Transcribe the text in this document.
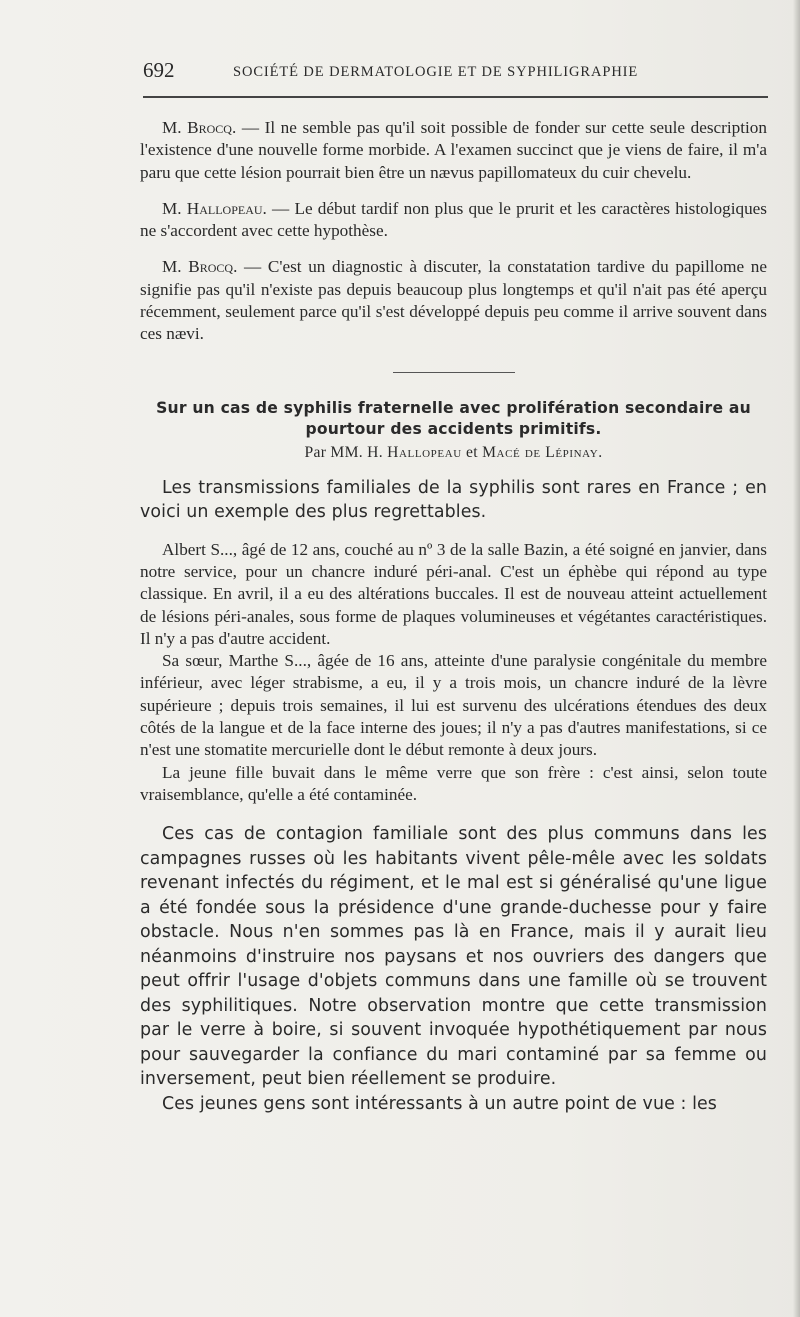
692	SOCIÉTÉ DE DERMATOLOGIE ET DE SYPHILIGRAPHIE

M. Brocq. — Il ne semble pas qu'il soit possible de fonder sur cette seule description l'existence d'une nouvelle forme morbide. A l'examen succinct que je viens de faire, il m'a paru que cette lésion pourrait bien être un nævus papillomateux du cuir chevelu.

M. Hallopeau. — Le début tardif non plus que le prurit et les caractères histologiques ne s'accordent avec cette hypothèse.

M. Brocq. — C'est un diagnostic à discuter, la constatation tardive du papillome ne signifie pas qu'il n'existe pas depuis beaucoup plus longtemps et qu'il n'ait pas été aperçu récemment, seulement parce qu'il s'est développé depuis peu comme il arrive souvent dans ces nævi.

Sur un cas de syphilis fraternelle avec prolifération secondaire au
pourtour des accidents primitifs.
Par MM. H. Hallopeau et Macé de Lépinay.

Les transmissions familiales de la syphilis sont rares en France ; en voici un exemple des plus regrettables.

Albert S..., âgé de 12 ans, couché au nº 3 de la salle Bazin, a été soigné en janvier, dans notre service, pour un chancre induré péri-anal. C'est un éphèbe qui répond au type classique. En avril, il a eu des altérations buccales. Il est de nouveau atteint actuellement de lésions péri-anales, sous forme de plaques volumineuses et végétantes caractéristiques. Il n'y a pas d'autre accident.

Sa sœur, Marthe S..., âgée de 16 ans, atteinte d'une paralysie congénitale du membre inférieur, avec léger strabisme, a eu, il y a trois mois, un chancre induré de la lèvre supérieure ; depuis trois semaines, il lui est survenu des ulcérations étendues des deux côtés de la langue et de la face interne des joues; il n'y a pas d'autres manifestations, si ce n'est une stomatite mercurielle dont le début remonte à deux jours.

La jeune fille buvait dans le même verre que son frère : c'est ainsi, selon toute vraisemblance, qu'elle a été contaminée.

Ces cas de contagion familiale sont des plus communs dans les campagnes russes où les habitants vivent pêle-mêle avec les soldats revenant infectés du régiment, et le mal est si généralisé qu'une ligue a été fondée sous la présidence d'une grande-duchesse pour y faire obstacle. Nous n'en sommes pas là en France, mais il y aurait lieu néanmoins d'instruire nos paysans et nos ouvriers des dangers que peut offrir l'usage d'objets communs dans une famille où se trouvent des syphilitiques. Notre observation montre que cette transmission par le verre à boire, si souvent invoquée hypothétiquement par nous pour sauvegarder la confiance du mari contaminé par sa femme ou inversement, peut bien réellement se produire.

Ces jeunes gens sont intéressants à un autre point de vue : les
